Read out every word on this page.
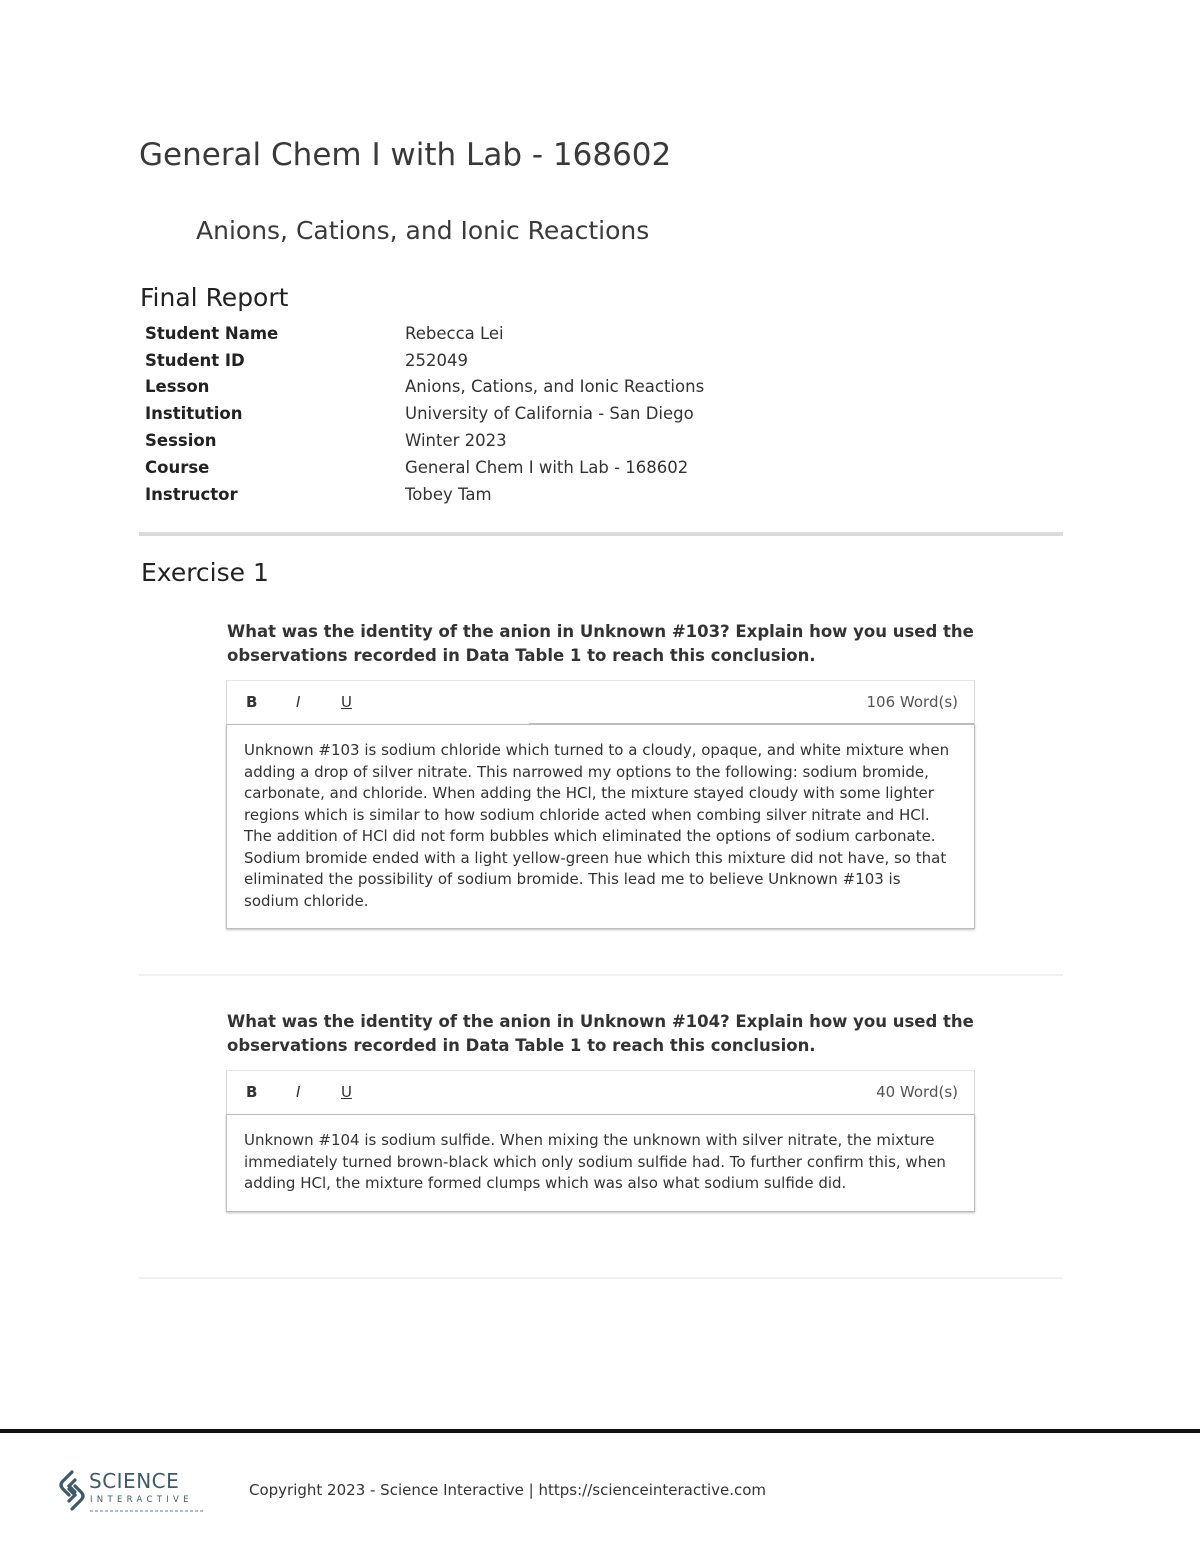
General Chem I with Lab - 168602
Anions, Cations, and Ionic Reactions
Final Report
Student Name	Rebecca Lei
Student ID	252049
Lesson	Anions, Cations, and Ionic Reactions
Institution	University of California - San Diego
Session	Winter 2023
Course	General Chem I with Lab - 168602
Instructor	Tobey Tam
Exercise 1
What was the identity of the anion in Unknown #103? Explain how you used the observations recorded in Data Table 1 to reach this conclusion.
B	I	U	106 Word(s)
Unknown #103 is sodium chloride which turned to a cloudy, opaque, and white mixture when adding a drop of silver nitrate. This narrowed my options to the following: sodium bromide, carbonate, and chloride. When adding the HCl, the mixture stayed cloudy with some lighter regions which is similar to how sodium chloride acted when combing silver nitrate and HCl. The addition of HCl did not form bubbles which eliminated the options of sodium carbonate. Sodium bromide ended with a light yellow-green hue which this mixture did not have, so that eliminated the possibility of sodium bromide. This lead me to believe Unknown #103 is sodium chloride.
What was the identity of the anion in Unknown #104? Explain how you used the observations recorded in Data Table 1 to reach this conclusion.
B	I	U	40 Word(s)
Unknown #104 is sodium sulfide. When mixing the unknown with silver nitrate, the mixture immediately turned brown-black which only sodium sulfide had. To further confirm this, when adding HCl, the mixture formed clumps which was also what sodium sulfide did.
SCIENCE
INTERACTIVE
Copyright 2023 - Science Interactive | https://scienceinteractive.com
